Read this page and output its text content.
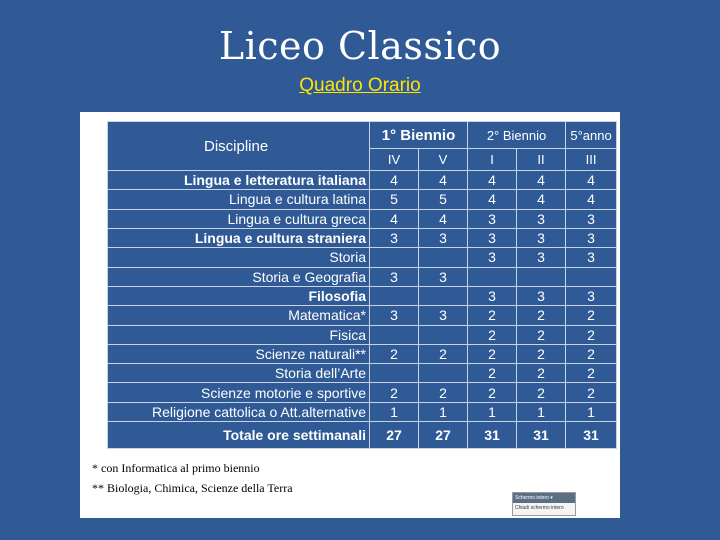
Liceo Classico
Quadro Orario
Discipline	1° Biennio		2° Biennio		5°anno
	IV	V	I	II	III
Lingua e letteratura italiana	4	4	4	4	4
Lingua e cultura latina	5	5	4	4	4
Lingua e cultura greca	4	4	3	3	3
Lingua e cultura straniera	3	3	3	3	3
Storia			3	3	3
Storia e Geografia	3	3			
Filosofia			3	3	3
Matematica*	3	3	2	2	2
Fisica			2	2	2
Scienze naturali**	2	2	2	2	2
Storia dell’Arte			2	2	2
Scienze motorie e sportive	2	2	2	2	2
Religione cattolica o Att.alternative	1	1	1	1	1
Totale ore settimanali	27	27	31	31	31
* con Informatica al primo biennio
** Biologia, Chimica, Scienze della Terra
Schermo intero ▾
Chiudi schermo intero
